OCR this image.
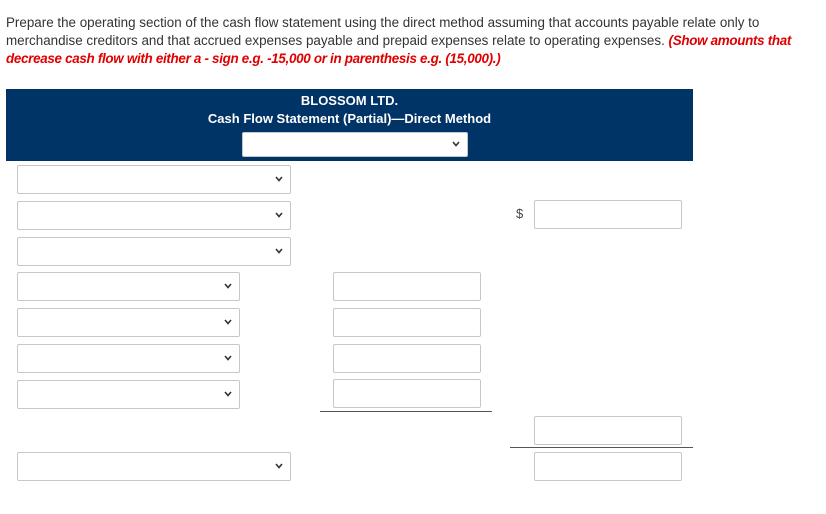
Prepare the operating section of the cash flow statement using the direct method assuming that accounts payable relate only to merchandise creditors and that accrued expenses payable and prepaid expenses relate to operating expenses. (Show amounts that decrease cash flow with either a - sign e.g. -15,000 or in parenthesis e.g. (15,000).)

BLOSSOM LTD.
Cash Flow Statement (Partial)—Direct Method
$
